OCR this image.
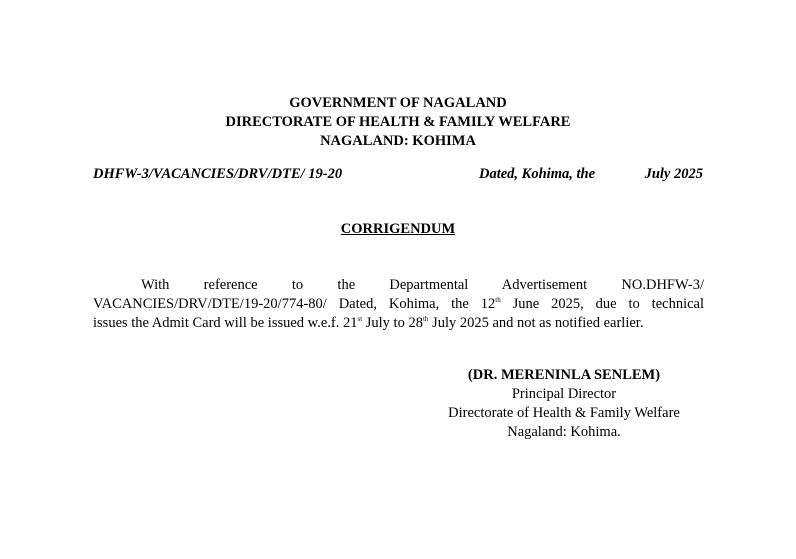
GOVERNMENT OF NAGALAND
DIRECTORATE OF HEALTH & FAMILY WELFARE
NAGALAND: KOHIMA
DHFW-3/VACANCIES/DRV/DTE/ 19-20	Dated, Kohima, the	July 2025
CORRIGENDUM
With reference to the Departmental Advertisement NO.DHFW-3/
VACANCIES/DRV/DTE/19-20/774-80/ Dated, Kohima, the 12th June 2025, due to technical
issues the Admit Card will be issued w.e.f. 21st July to 28th July 2025 and not as notified earlier.
(DR. MERENINLA SENLEM)
Principal Director
Directorate of Health & Family Welfare
Nagaland: Kohima.
